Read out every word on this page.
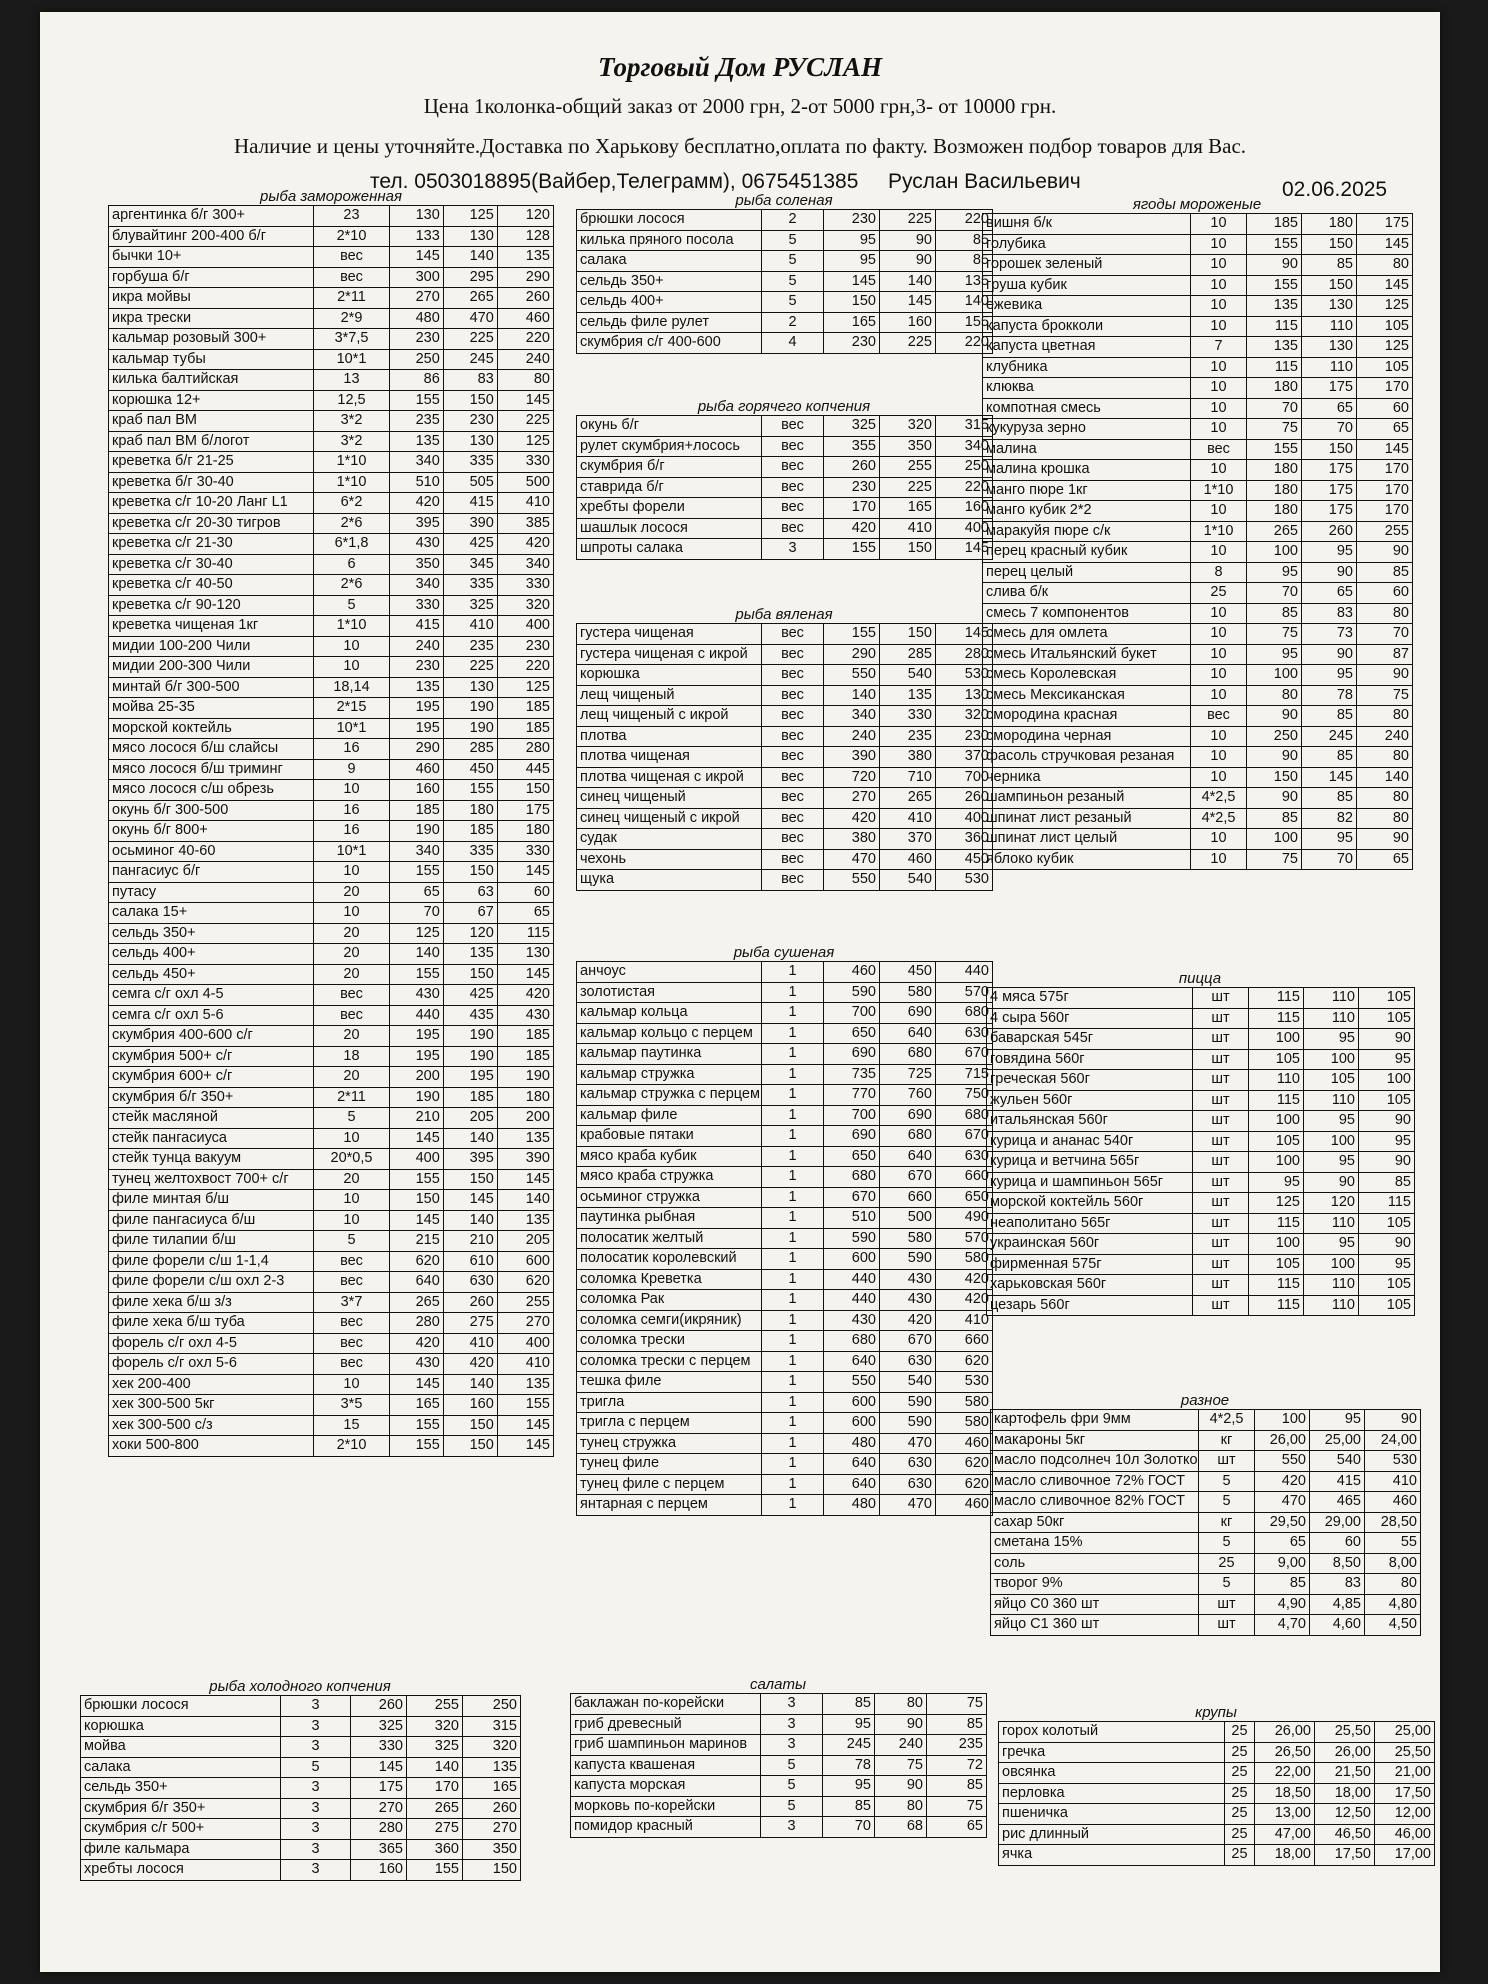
Торговый Дом РУСЛАН
Цена 1колонка-общий заказ от 2000 грн, 2-от 5000 грн,3- от 10000 грн.
Наличие и цены уточняйте.Доставка по Харькову бесплатно,оплата по факту. Возможен подбор товаров для Вас.
тел. 0503018895(Вайбер,Телеграмм), 0675451385 Руслан Васильевич	02.06.2025
рыба замороженная
аргентинка б/г 300+	23	130	125	120
блувайтинг 200-400 б/г	2*10	133	130	128
бычки 10+	вес	145	140	135
горбуша б/г	вес	300	295	290
икра мойвы	2*11	270	265	260
икра трески	2*9	480	470	460
кальмар розовый 300+	3*7,5	230	225	220
кальмар тубы	10*1	250	245	240
килька балтийская	13	86	83	80
корюшка 12+	12,5	155	150	145
краб пал ВМ	3*2	235	230	225
краб пал ВМ б/логот	3*2	135	130	125
креветка б/г 21-25	1*10	340	335	330
креветка б/г 30-40	1*10	510	505	500
креветка с/г 10-20 Ланг L1	6*2	420	415	410
креветка с/г 20-30 тигров	2*6	395	390	385
креветка с/г 21-30	6*1,8	430	425	420
креветка с/г 30-40	6	350	345	340
креветка с/г 40-50	2*6	340	335	330
креветка с/г 90-120	5	330	325	320
креветка чищеная 1кг	1*10	415	410	400
мидии 100-200 Чили	10	240	235	230
мидии 200-300 Чили	10	230	225	220
минтай б/г 300-500	18,14	135	130	125
мойва 25-35	2*15	195	190	185
морской коктейль	10*1	195	190	185
мясо лосося б/ш слайсы	16	290	285	280
мясо лосося б/ш триминг	9	460	450	445
мясо лосося с/ш обрезь	10	160	155	150
окунь б/г 300-500	16	185	180	175
окунь б/г 800+	16	190	185	180
осьминог 40-60	10*1	340	335	330
пангасиус б/г	10	155	150	145
путасу	20	65	63	60
салака 15+	10	70	67	65
сельдь 350+	20	125	120	115
сельдь 400+	20	140	135	130
сельдь 450+	20	155	150	145
семга с/г охл 4-5	вес	430	425	420
семга с/г охл 5-6	вес	440	435	430
скумбрия 400-600 с/г	20	195	190	185
скумбрия 500+ с/г	18	195	190	185
скумбрия 600+ с/г	20	200	195	190
скумбрия б/г 350+	2*11	190	185	180
стейк масляной	5	210	205	200
стейк пангасиуса	10	145	140	135
стейк тунца вакуум	20*0,5	400	395	390
тунец желтохвост 700+ с/г	20	155	150	145
филе минтая б/ш	10	150	145	140
филе пангасиуса б/ш	10	145	140	135
филе тилапии б/ш	5	215	210	205
филе форели с/ш 1-1,4	вес	620	610	600
филе форели с/ш охл 2-3	вес	640	630	620
филе хека б/ш з/з	3*7	265	260	255
филе хека б/ш туба	вес	280	275	270
форель с/г охл 4-5	вес	420	410	400
форель с/г охл 5-6	вес	430	420	410
хек 200-400	10	145	140	135
хек 300-500 5кг	3*5	165	160	155
хек 300-500 с/з	15	155	150	145
хоки 500-800	2*10	155	150	145
рыба холодного копчения
брюшки лосося	3	260	255	250
корюшка	3	325	320	315
мойва	3	330	325	320
салака	5	145	140	135
сельдь 350+	3	175	170	165
скумбрия б/г 350+	3	270	265	260
скумбрия с/г 500+	3	280	275	270
филе кальмара	3	365	360	350
хребты лосося	3	160	155	150
рыба соленая
брюшки лосося	2	230	225	220
килька пряного посола	5	95	90	85
салака	5	95	90	85
сельдь 350+	5	145	140	135
сельдь 400+	5	150	145	140
сельдь филе рулет	2	165	160	155
скумбрия с/г 400-600	4	230	225	220
рыба горячего копчения
окунь б/г	вес	325	320	315
рулет скумбрия+лосось	вес	355	350	340
скумбрия б/г	вес	260	255	250
ставрида б/г	вес	230	225	220
хребты форели	вес	170	165	160
шашлык лосося	вес	420	410	400
шпроты салака	3	155	150	145
рыба вяленая
густера чищеная	вес	155	150	145
густера чищеная с икрой	вес	290	285	280
корюшка	вес	550	540	530
лещ чищеный	вес	140	135	130
лещ чищеный с икрой	вес	340	330	320
плотва	вес	240	235	230
плотва чищеная	вес	390	380	370
плотва чищеная с икрой	вес	720	710	700
синец чищеный	вес	270	265	260
синец чищеный с икрой	вес	420	410	400
судак	вес	380	370	360
чехонь	вес	470	460	450
щука	вес	550	540	530
рыба сушеная
анчоус	1	460	450	440
золотистая	1	590	580	570
кальмар кольца	1	700	690	680
кальмар кольцо с перцем	1	650	640	630
кальмар паутинка	1	690	680	670
кальмар стружка	1	735	725	715
кальмар стружка с перцем	1	770	760	750
кальмар филе	1	700	690	680
крабовые пятаки	1	690	680	670
мясо краба кубик	1	650	640	630
мясо краба стружка	1	680	670	660
осьминог стружка	1	670	660	650
паутинка рыбная	1	510	500	490
полосатик желтый	1	590	580	570
полосатик королевский	1	600	590	580
соломка Креветка	1	440	430	420
соломка Рак	1	440	430	420
соломка семги(икряник)	1	430	420	410
соломка трески	1	680	670	660
соломка трески с перцем	1	640	630	620
тешка филе	1	550	540	530
тригла	1	600	590	580
тригла с перцем	1	600	590	580
тунец стружка	1	480	470	460
тунец филе	1	640	630	620
тунец филе с перцем	1	640	630	620
янтарная с перцем	1	480	470	460
салаты
баклажан по-корейски	3	85	80	75
гриб древесный	3	95	90	85
гриб шампиньон маринов	3	245	240	235
капуста квашеная	5	78	75	72
капуста морская	5	95	90	85
морковь по-корейски	5	85	80	75
помидор красный	3	70	68	65
ягоды мороженые
вишня б/к	10	185	180	175
голубика	10	155	150	145
горошек зеленый	10	90	85	80
груша кубик	10	155	150	145
ежевика	10	135	130	125
капуста брокколи	10	115	110	105
капуста цветная	7	135	130	125
клубника	10	115	110	105
клюква	10	180	175	170
компотная смесь	10	70	65	60
кукуруза зерно	10	75	70	65
малина	вес	155	150	145
малина крошка	10	180	175	170
манго пюре 1кг	1*10	180	175	170
манго кубик 2*2	10	180	175	170
маракуйя пюре с/к	1*10	265	260	255
перец красный кубик	10	100	95	90
перец целый	8	95	90	85
слива б/к	25	70	65	60
смесь 7 компонентов	10	85	83	80
смесь для омлета	10	75	73	70
смесь Итальянский букет	10	95	90	87
смесь Королевская	10	100	95	90
смесь Мексиканская	10	80	78	75
смородина красная	вес	90	85	80
смородина черная	10	250	245	240
фасоль стручковая резаная	10	90	85	80
черника	10	150	145	140
шампиньон резаный	4*2,5	90	85	80
шпинат лист резаный	4*2,5	85	82	80
шпинат лист целый	10	100	95	90
яблоко кубик	10	75	70	65
пицца
4 мяса 575г	шт	115	110	105
4 сыра 560г	шт	115	110	105
баварская 545г	шт	100	95	90
говядина 560г	шт	105	100	95
греческая 560г	шт	110	105	100
жульен 560г	шт	115	110	105
итальянская 560г	шт	100	95	90
курица и ананас 540г	шт	105	100	95
курица и ветчина 565г	шт	100	95	90
курица и шампиньон 565г	шт	95	90	85
морской коктейль 560г	шт	125	120	115
неаполитано 565г	шт	115	110	105
украинская 560г	шт	100	95	90
фирменная 575г	шт	105	100	95
харьковская 560г	шт	115	110	105
цезарь 560г	шт	115	110	105
разное
картофель фри 9мм	4*2,5	100	95	90
макароны 5кг	кг	26,00	25,00	24,00
масло подсолнеч 10л Золотко	шт	550	540	530
масло сливочное 72% ГОСТ	5	420	415	410
масло сливочное 82% ГОСТ	5	470	465	460
сахар 50кг	кг	29,50	29,00	28,50
сметана 15%	5	65	60	55
соль	25	9,00	8,50	8,00
творог 9%	5	85	83	80
яйцо С0 360 шт	шт	4,90	4,85	4,80
яйцо С1 360 шт	шт	4,70	4,60	4,50
крупы
горох колотый	25	26,00	25,50	25,00
гречка	25	26,50	26,00	25,50
овсянка	25	22,00	21,50	21,00
перловка	25	18,50	18,00	17,50
пшеничка	25	13,00	12,50	12,00
рис длинный	25	47,00	46,50	46,00
ячка	25	18,00	17,50	17,00
